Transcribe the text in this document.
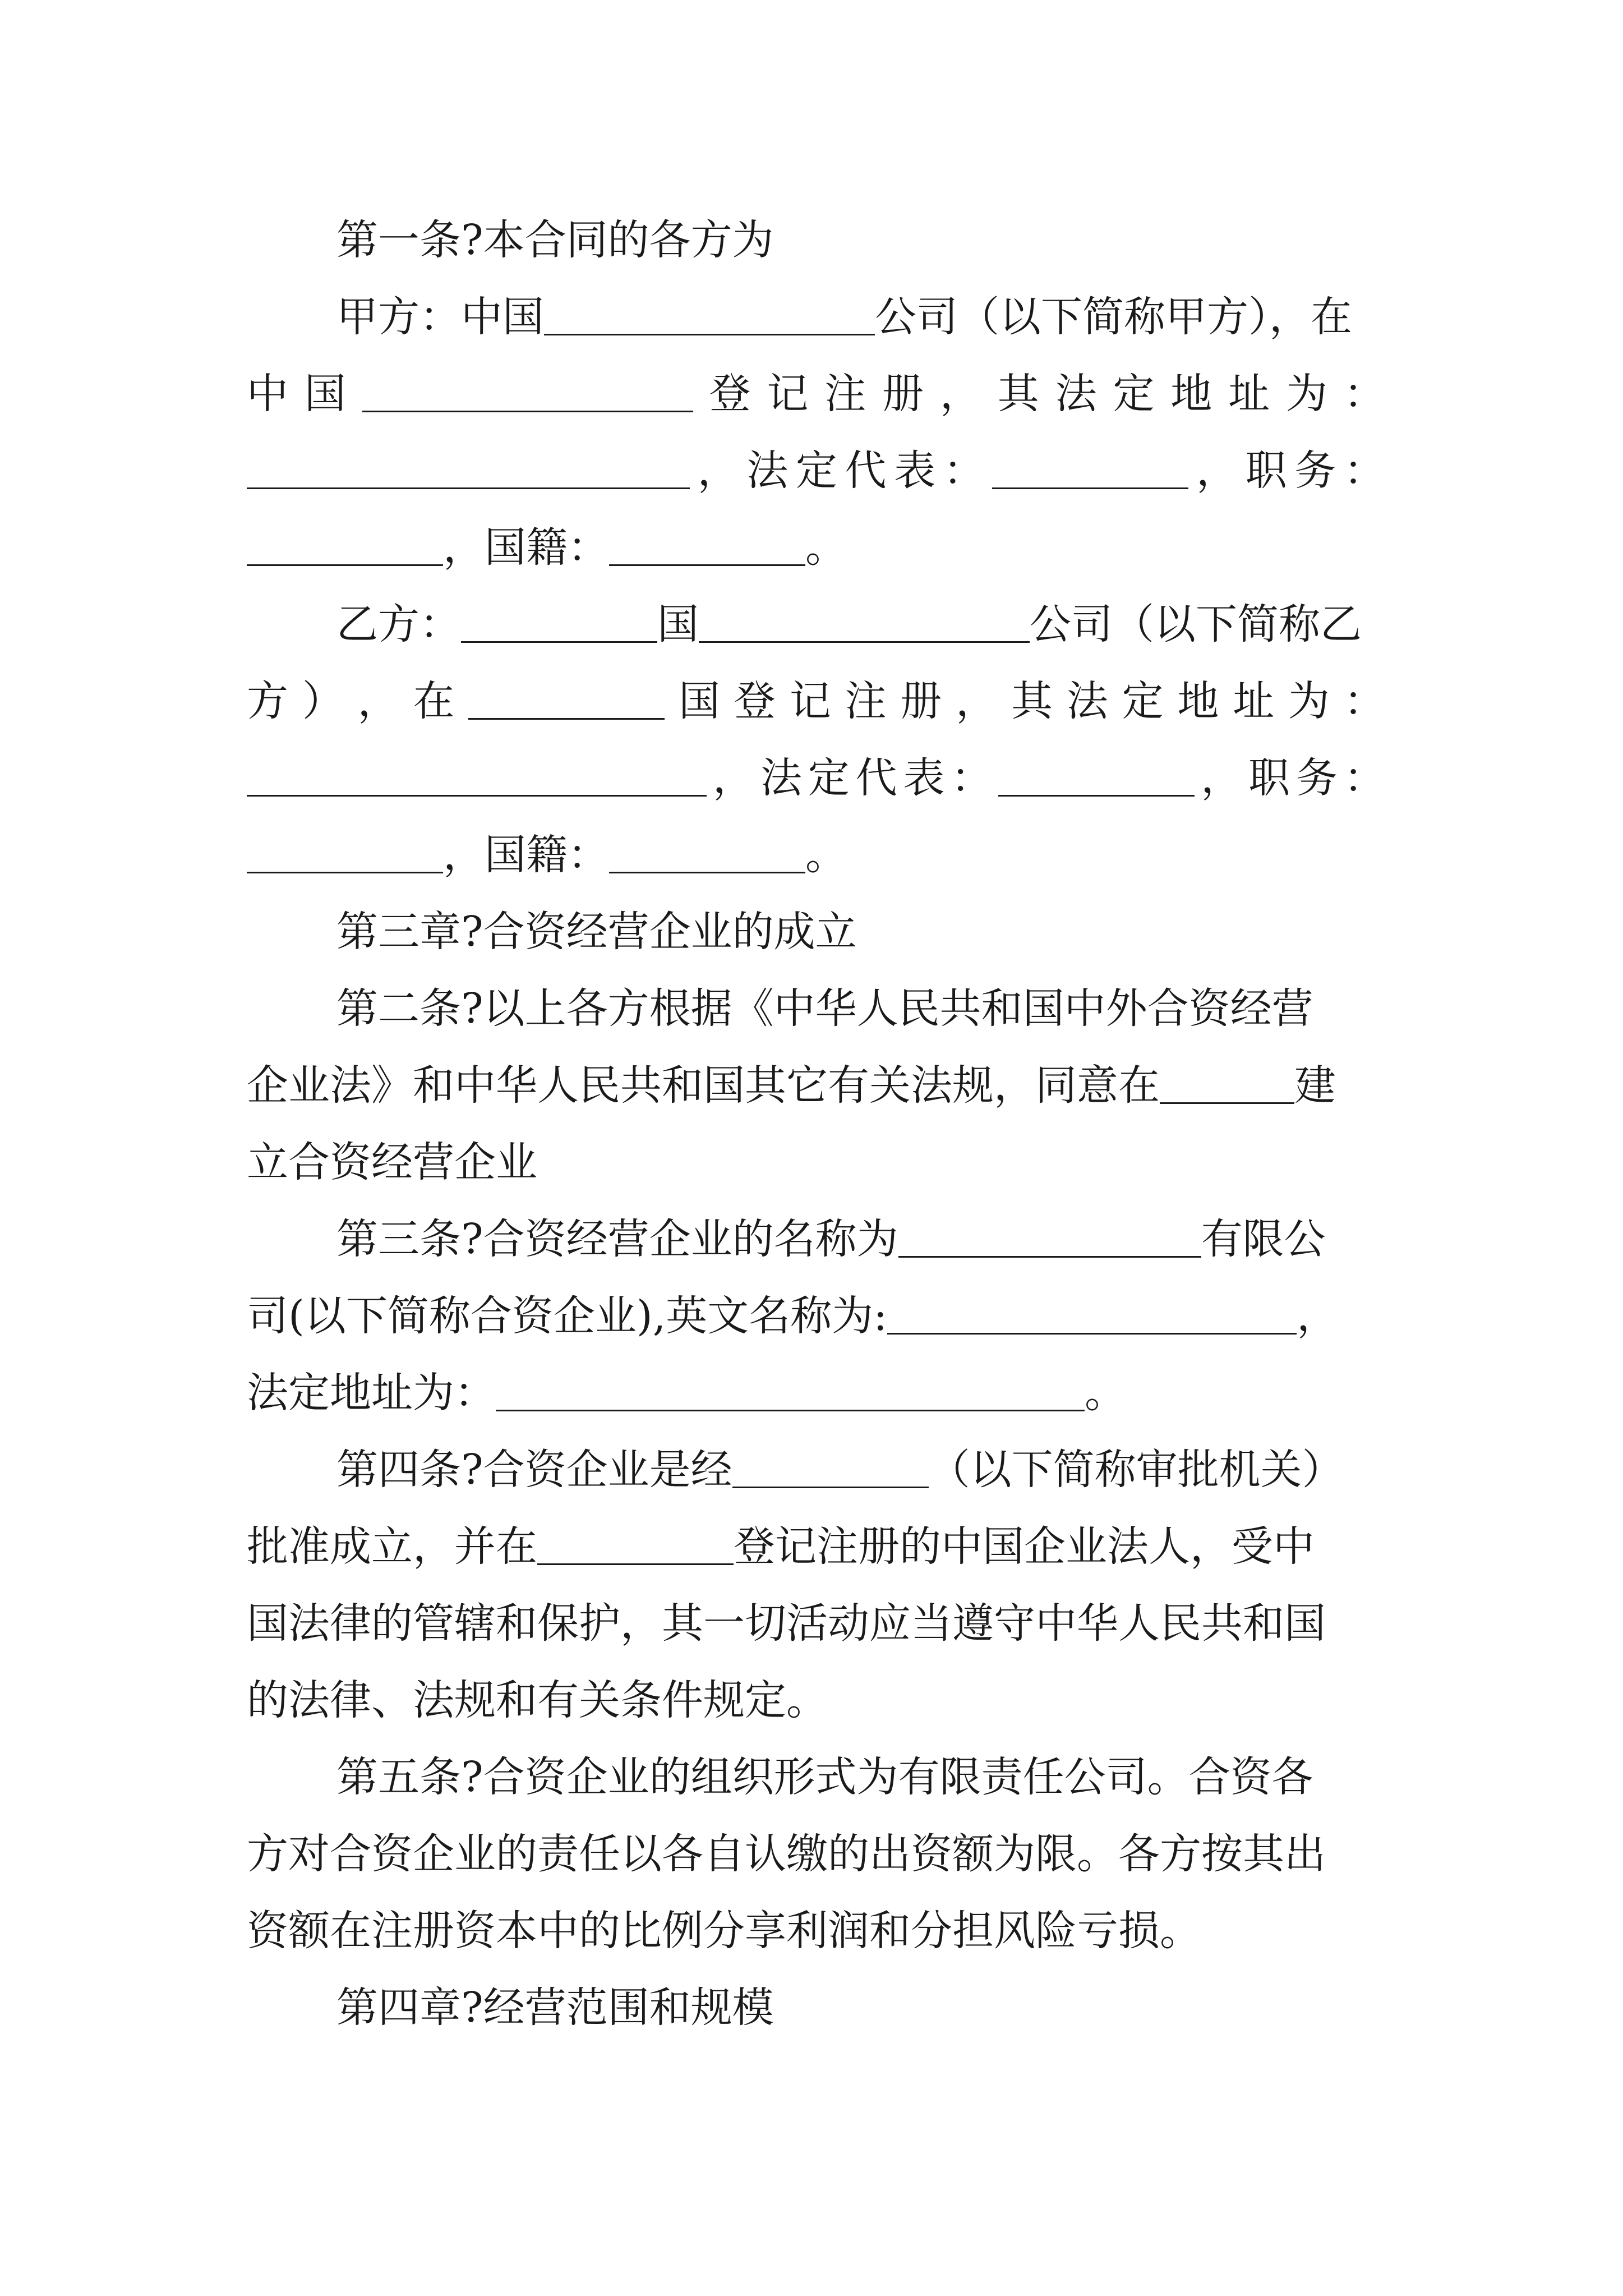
第一条?本合同的各方为
甲方：中国	公司（以下简称甲方），在
中 国	登 记 注 册 ， 其 法 定 地 址 为 ：
， 法 定 代 表 ：	， 职 务 ：
，国籍：	。
乙方：	国	公司（以下简称乙
方 ） ， 在	国 登 记 注 册 ， 其 法 定 地 址 为 ：
， 法 定 代 表 ：	， 职 务 ：
，国籍：	。
第三章?合资经营企业的成立
第二条?以上各方根据《中华人民共和国中外合资经营
企业法》和中华人民共和国其它有关法规，同意在	建
立合资经营企业
第三条?合资经营企业的名称为	有限公
司(以下简称合资企业),英文名称为:	，
法定地址为：	。
第四条?合资企业是经	（以下简称审批机关）
批准成立，并在	登记注册的中国企业法人，受中
国法律的管辖和保护，其一切活动应当遵守中华人民共和国
的法律、法规和有关条件规定。
第五条?合资企业的组织形式为有限责任公司。合资各
方对合资企业的责任以各自认缴的出资额为限。各方按其出
资额在注册资本中的比例分享利润和分担风险亏损。
第四章?经营范围和规模
